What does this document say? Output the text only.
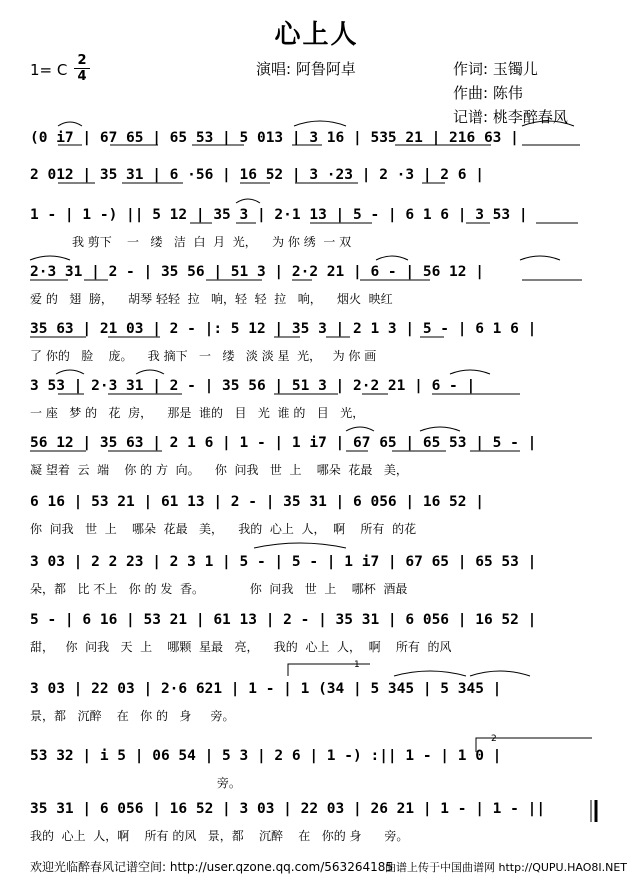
心上人
1= C
2
4	演唱: 阿鲁阿卓	作词: 玉镯儿
作曲: 陈伟
记谱: 桃李醉春风
(0 i7 | 67 65 | 65 53 | 5 013 | 3 16 | 535 21 | 216 63 |
2 012 | 35 31 | 6 ·56 | 16 52 | 3 ·23 | 2 ·3 | 2 6 |
1 - | 1 -) || 5 12 | 35 3 | 2·1 13 | 5 - | 6 1 6 | 3 53 |
我 剪下    一   缕   洁  白  月  光，    为 你 绣  一 双
2·3 31 | 2 - | 35 56 | 51 3 | 2·2 21 | 6 - | 56 12 |
爱 的   翅  膀，    胡琴 轻轻  拉   响，轻  轻  拉   响，    烟火  映红
35 63 | 21 03 | 2 - |: 5 12 | 35 3 | 2 1 3 | 5 - | 6 1 6 |
了 你的   脸    庞。    我 摘下   一   缕   淡 淡 星  光，   为 你 画
3 53 | 2·3 31 | 2 - | 35 56 | 51 3 | 2·2 21 | 6 - |
一 座   梦 的   花  房，    那是  谁的   目   光  谁 的   目   光，
56 12 | 35 63 | 2 1 6 | 1 - | 1 i7 | 67 65 | 65 53 | 5 - |
凝 望着  云  端    你 的 方  向。    你  问我   世  上    哪朵  花最   美，
6 16 | 53 21 | 61 13 | 2 - | 35 31 | 6 056 | 16 52 |
你  问我   世  上    哪朵  花最   美，    我的  心上  人，  啊    所有  的花
3 03 | 2 2 23 | 2 3 1 | 5 - | 5 - | 1 i7 | 67 65 | 65 53 |
朵，都   比 不上   你 的 发  香。            你  问我   世  上    哪杯  酒最
5 - | 6 16 | 53 21 | 61 13 | 2 - | 35 31 | 6 056 | 16 52 |
甜，   你  问我   天  上    哪颗  星最   亮，    我的  心上  人，  啊    所有  的风
3 03 | 22 03 | 2·6 621 | 1 - | 1 (34 | 5 345 | 5 345 |
景，都   沉醉    在   你 的   身     旁。
53 32 | i 5 | 06 54 | 5 3 | 2 6 | 1 -) :|| 1 - | 1 0 |
旁。
35 31 | 6 056 | 16 52 | 3 03 | 22 03 | 26 21 | 1 - | 1 - ||
我的  心上  人，啊    所有 的风   景，都    沉醉    在   你的 身      旁。
1
2
欢迎光临醉春风记谱空间: http://user.qzone.qq.com/563264185
曲谱上传于中国曲谱网 http://QUPU.HAO8I.NET
